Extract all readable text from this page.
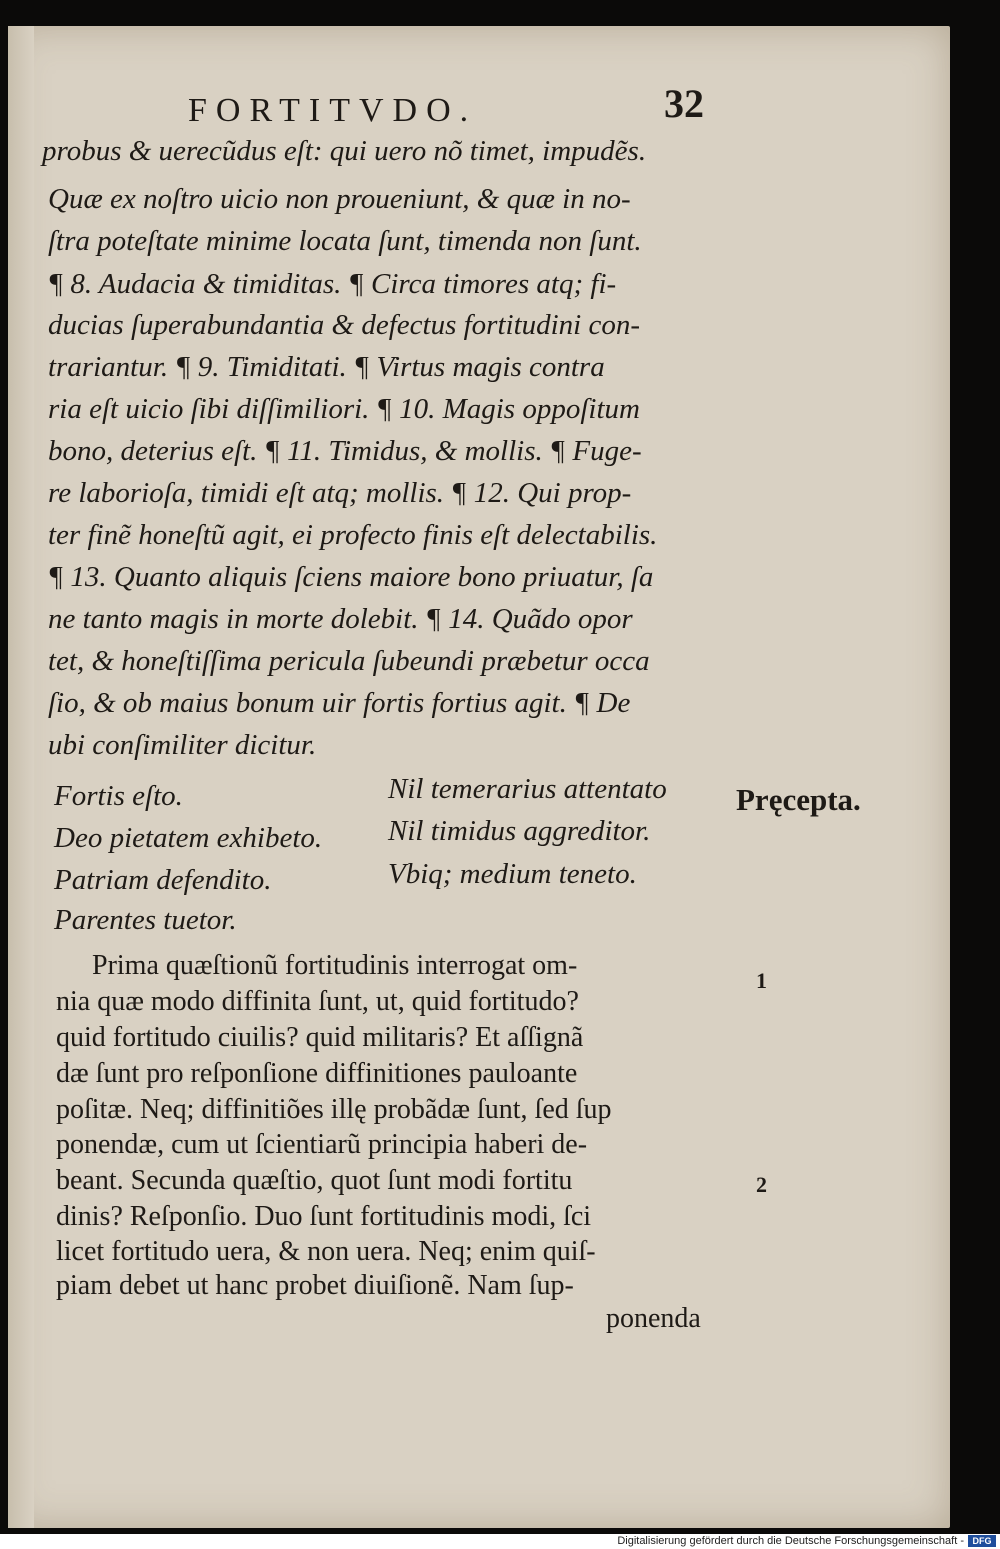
FORTITVDO.	32
probus & uerecũdus eſt: qui uero nõ timet, impudẽs.
Quæ ex noſtro uicio non proueniunt, & quæ in no-
ſtra poteſtate minime locata ſunt, timenda non ſunt.
¶ 8. Audacia & timiditas. ¶ Circa timores atq; fi-
ducias ſuperabundantia & defectus fortitudini con-
trariantur. ¶ 9. Timiditati. ¶ Virtus magis contra
ria eſt uicio ſibi diſſimiliori. ¶ 10. Magis oppoſitum
bono, deterius eſt. ¶ 11. Timidus, & mollis. ¶ Fuge-
re laborioſa, timidi eſt atq; mollis. ¶ 12. Qui prop-
ter finẽ honeſtũ agit, ei profecto finis eſt delectabilis.
¶ 13. Quanto aliquis ſciens maiore bono priuatur, ſa
ne tanto magis in morte dolebit. ¶ 14. Quãdo opor
tet, & honeſtiſſima pericula ſubeundi præbetur occa
ſio, & ob maius bonum uir fortis fortius agit. ¶ De
ubi conſimiliter dicitur.
Fortis eſto.
Deo pietatem exhibeto.
Patriam defendito.
Parentes tuetor.
Nil temerarius attentato
Nil timidus aggreditor.
Vbiq; medium teneto.
Pręcepta.
Prima quæſtionũ fortitudinis interrogat om-
nia quæ modo diffinita ſunt, ut, quid fortitudo?
quid fortitudo ciuilis? quid militaris? Et aſſignã
dæ ſunt pro reſponſione diffinitiones pauloante
poſitæ. Neq; diffinitiões illę probãdæ ſunt, ſed ſup
ponendæ, cum ut ſcientiarũ principia haberi de-
beant. Secunda quæſtio, quot ſunt modi fortitu
dinis? Reſponſio. Duo ſunt fortitudinis modi, ſci
licet fortitudo uera, & non uera. Neq; enim quiſ-
piam debet ut hanc probet diuiſionẽ. Nam ſup-
ponenda
1
2
Digitalisierung gefördert durch die Deutsche Forschungsgemeinschaft - DFG
